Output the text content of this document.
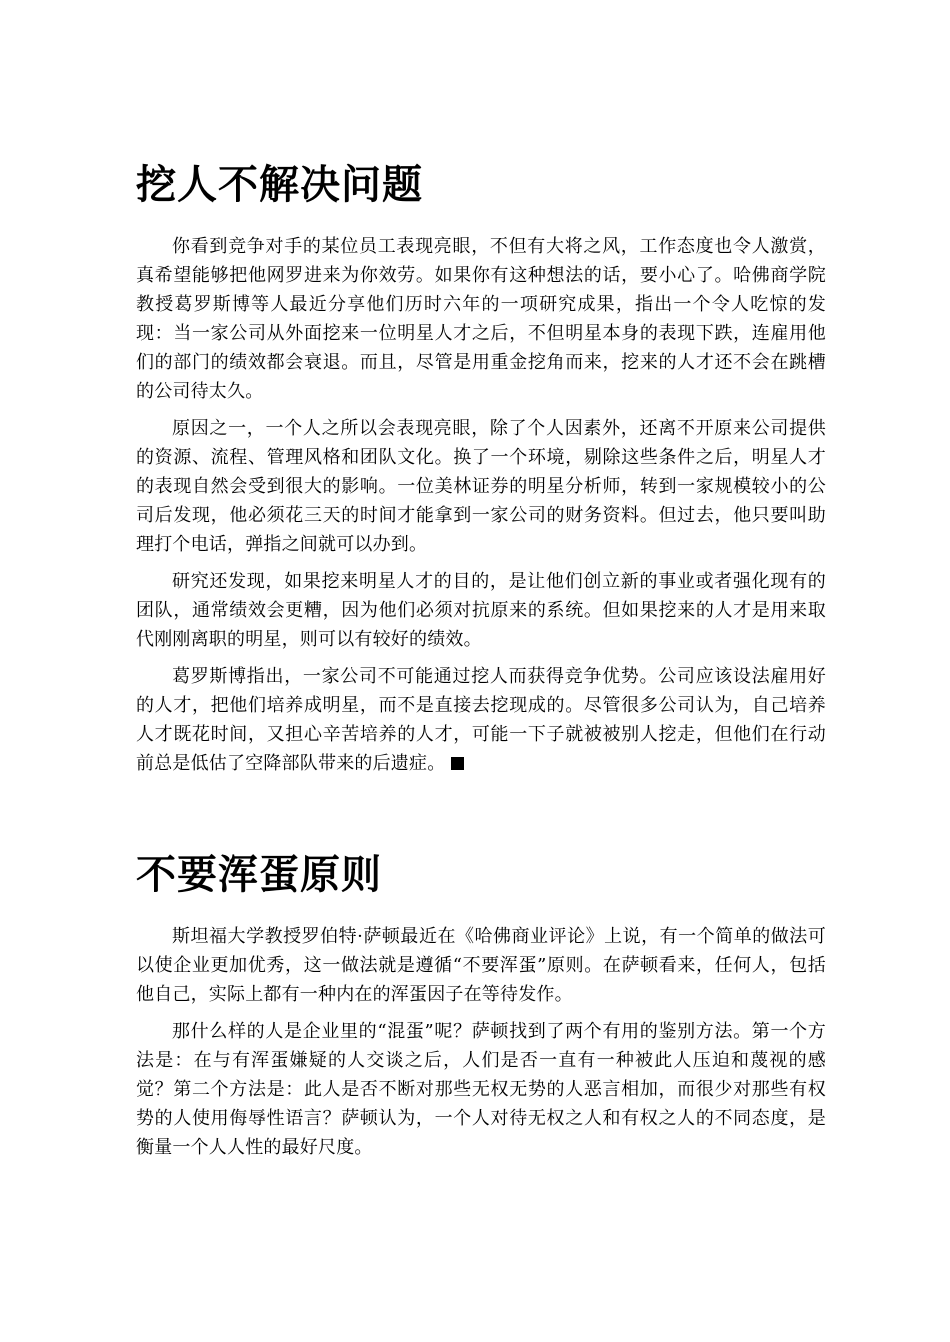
挖人不解决问题

你看到竞争对手的某位员工表现亮眼，不但有大将之风，工作态度也令人激赏，真希望能够把他网罗进来为你效劳。如果你有这种想法的话，要小心了。哈佛商学院教授葛罗斯博等人最近分享他们历时六年的一项研究成果，指出一个令人吃惊的发现：当一家公司从外面挖来一位明星人才之后，不但明星本身的表现下跌，连雇用他们的部门的绩效都会衰退。而且，尽管是用重金挖角而来，挖来的人才还不会在跳槽的公司待太久。

原因之一，一个人之所以会表现亮眼，除了个人因素外，还离不开原来公司提供的资源、流程、管理风格和团队文化。换了一个环境，剔除这些条件之后，明星人才的表现自然会受到很大的影响。一位美林证券的明星分析师，转到一家规模较小的公司后发现，他必须花三天的时间才能拿到一家公司的财务资料。但过去，他只要叫助理打个电话，弹指之间就可以办到。

研究还发现，如果挖来明星人才的目的，是让他们创立新的事业或者强化现有的团队，通常绩效会更糟，因为他们必须对抗原来的系统。但如果挖来的人才是用来取代刚刚离职的明星，则可以有较好的绩效。

葛罗斯博指出，一家公司不可能通过挖人而获得竞争优势。公司应该设法雇用好的人才，把他们培养成明星，而不是直接去挖现成的。尽管很多公司认为，自己培养人才既花时间，又担心辛苦培养的人才，可能一下子就被被别人挖走，但他们在行动前总是低估了空降部队带来的后遗症。

不要浑蛋原则

斯坦福大学教授罗伯特·萨顿最近在《哈佛商业评论》上说，有一个简单的做法可以使企业更加优秀，这一做法就是遵循“不要浑蛋”原则。在萨顿看来，任何人，包括他自己，实际上都有一种内在的浑蛋因子在等待发作。

那什么样的人是企业里的“混蛋”呢？萨顿找到了两个有用的鉴别方法。第一个方法是：在与有浑蛋嫌疑的人交谈之后，人们是否一直有一种被此人压迫和蔑视的感觉？第二个方法是：此人是否不断对那些无权无势的人恶言相加，而很少对那些有权势的人使用侮辱性语言？萨顿认为，一个人对待无权之人和有权之人的不同态度，是衡量一个人人性的最好尺度。
